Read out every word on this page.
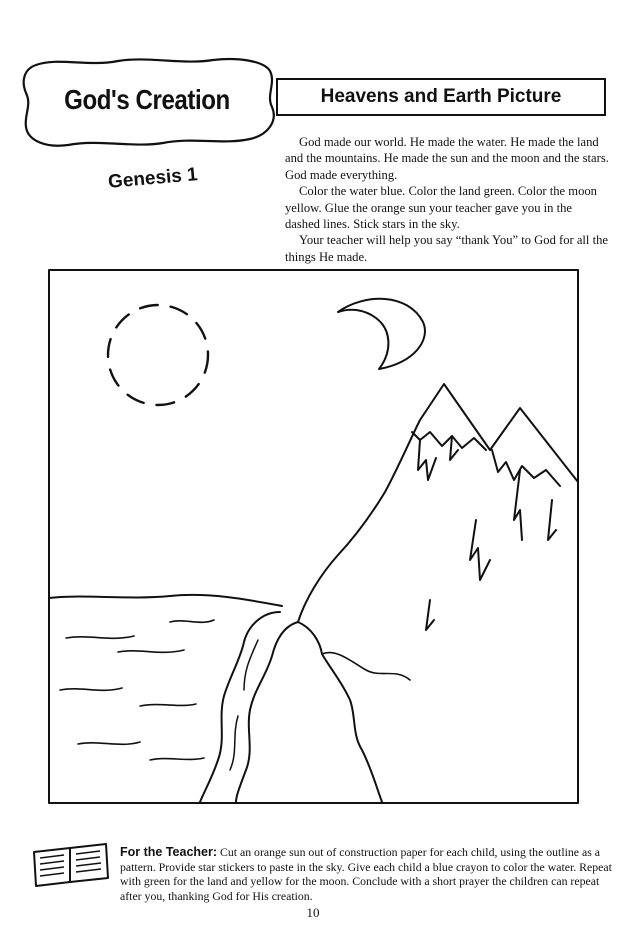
God's Creation
Genesis 1
Heavens and Earth Picture

God made our world. He made the water. He made the land and the mountains. He made the sun and the moon and the stars. God made everything.

Color the water blue. Color the land green. Color the moon yellow. Glue the orange sun your teacher gave you in the dashed lines. Stick stars in the sky.

Your teacher will help you say “thank You” to God for all the things He made.

For the Teacher: Cut an orange sun out of construction paper for each child, using the outline as a pattern. Provide star stickers to paste in the sky. Give each child a blue crayon to color the water. Repeat with green for the land and yellow for the moon. Conclude with a short prayer the children can repeat after you, thanking God for His creation.
10
